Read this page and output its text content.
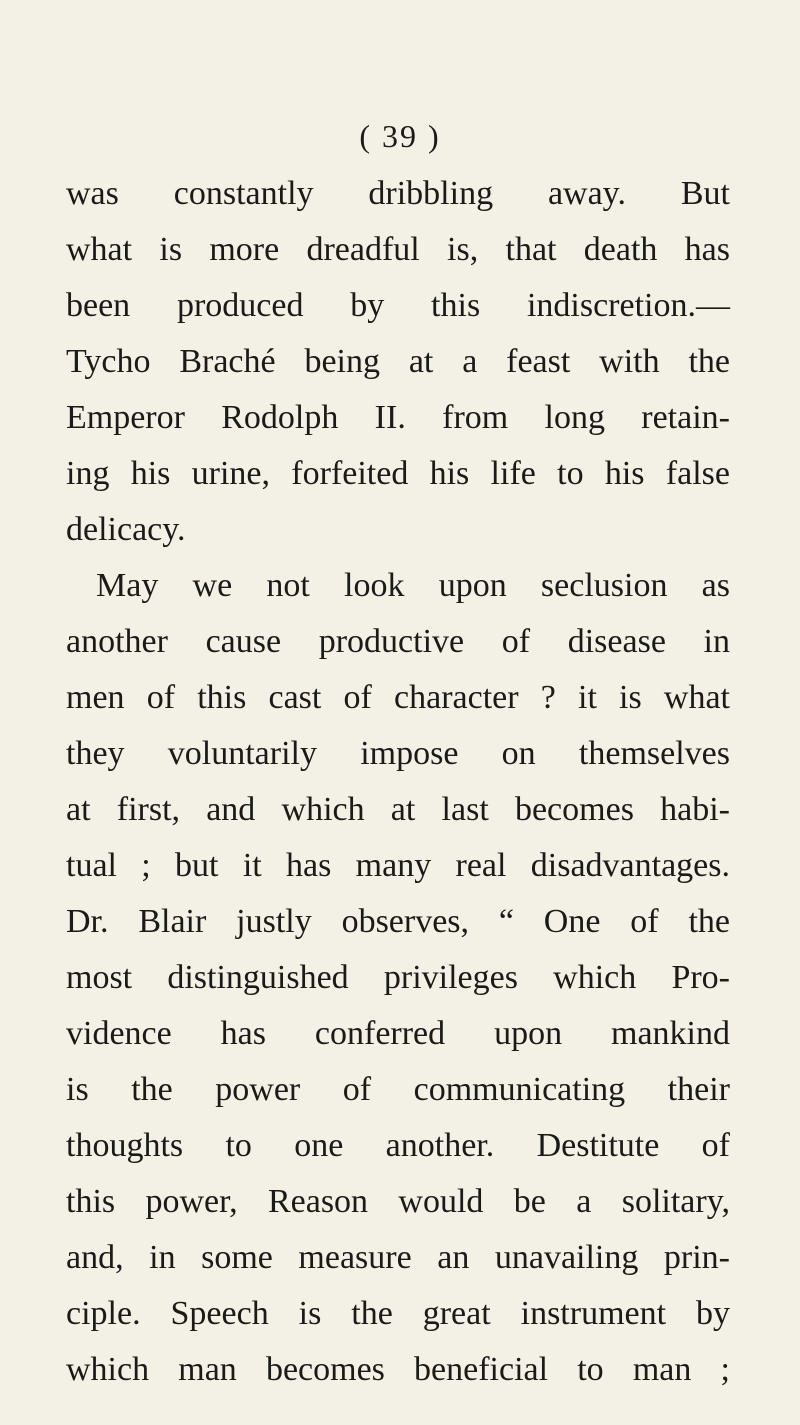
( 39 )
was constantly dribbling away. But
what is more dreadful is, that death has
been produced by this indiscretion.—
Tycho Braché being at a feast with the
Emperor Rodolph II. from long retain-
ing his urine, forfeited his life to his false
delicacy.
May we not look upon seclusion as
another cause productive of disease in
men of this cast of character ? it is what
they voluntarily impose on themselves
at first, and which at last becomes habi-
tual ; but it has many real disadvantages.
Dr. Blair justly observes, “ One of the
most distinguished privileges which Pro-
vidence has conferred upon mankind
is the power of communicating their
thoughts to one another. Destitute of
this power, Reason would be a solitary,
and, in some measure an unavailing prin-
ciple. Speech is the great instrument by
which man becomes beneficial to man ;
